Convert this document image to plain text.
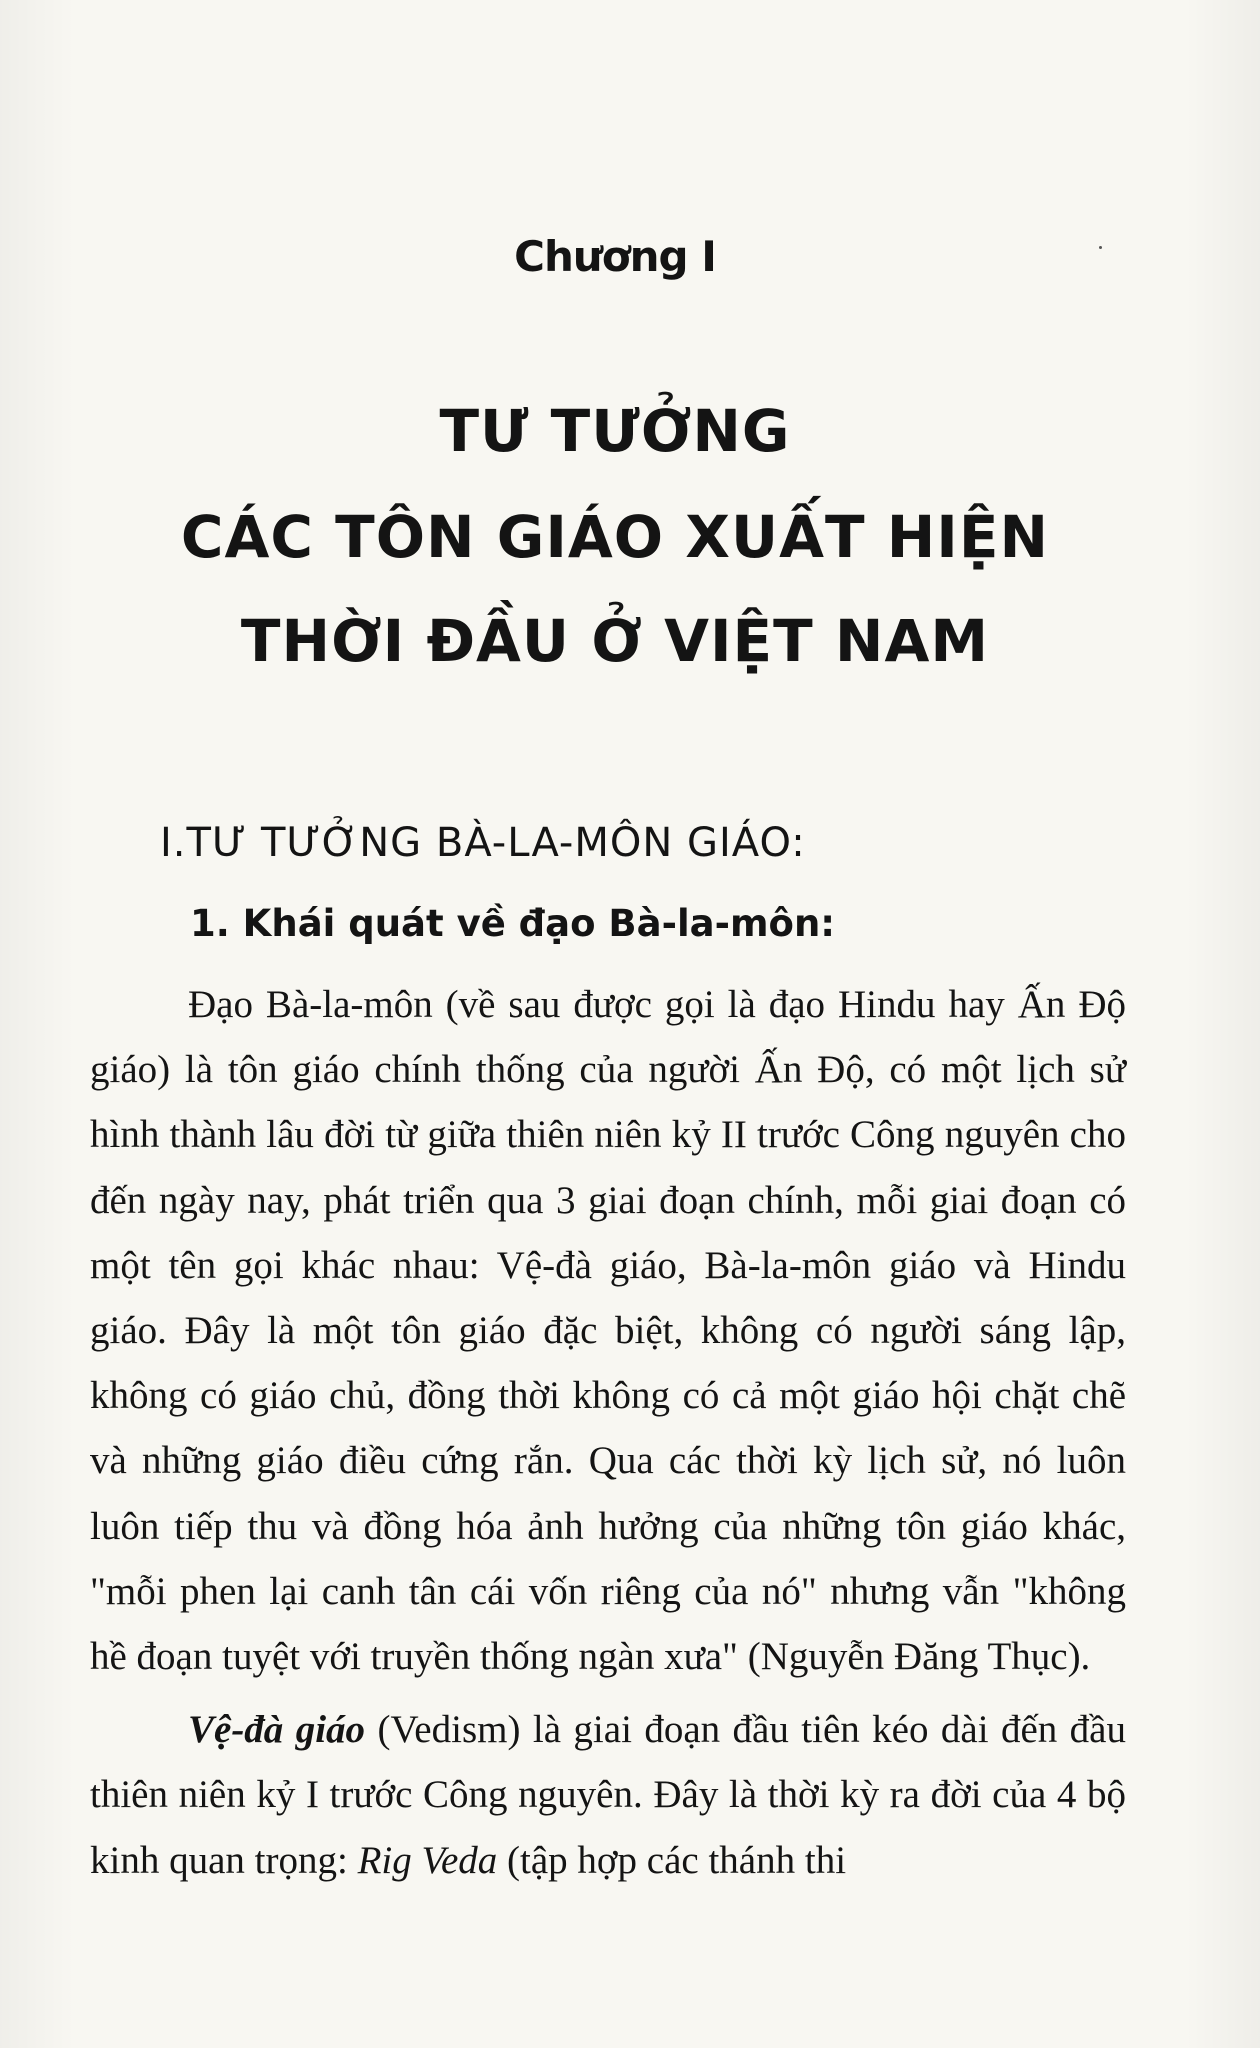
Chương I
TƯ TƯỞNG
CÁC TÔN GIÁO XUẤT HIỆN
THỜI ĐẦU Ở VIỆT NAM
I.TƯ TƯỞNG BÀ-LA-MÔN GIÁO:
1. Khái quát về đạo Bà-la-môn:

Đạo Bà-la-môn (về sau được gọi là đạo Hindu hay Ấn Độ giáo) là tôn giáo chính thống của người Ấn Độ, có một lịch sử hình thành lâu đời từ giữa thiên niên kỷ II trước Công nguyên cho đến ngày nay, phát triển qua 3 giai đoạn chính, mỗi giai đoạn có một tên gọi khác nhau: Vệ-đà giáo, Bà-la-môn giáo và Hindu giáo. Đây là một tôn giáo đặc biệt, không có người sáng lập, không có giáo chủ, đồng thời không có cả một giáo hội chặt chẽ và những giáo điều cứng rắn. Qua các thời kỳ lịch sử, nó luôn luôn tiếp thu và đồng hóa ảnh hưởng của những tôn giáo khác, "mỗi phen lại canh tân cái vốn riêng của nó" nhưng vẫn "không hề đoạn tuyệt với truyền thống ngàn xưa" (Nguyễn Đăng Thục).

Vệ-đà giáo (Vedism) là giai đoạn đầu tiên kéo dài đến đầu thiên niên kỷ I trước Công nguyên. Đây là thời kỳ ra đời của 4 bộ kinh quan trọng: Rig Veda (tập hợp các thánh thi
